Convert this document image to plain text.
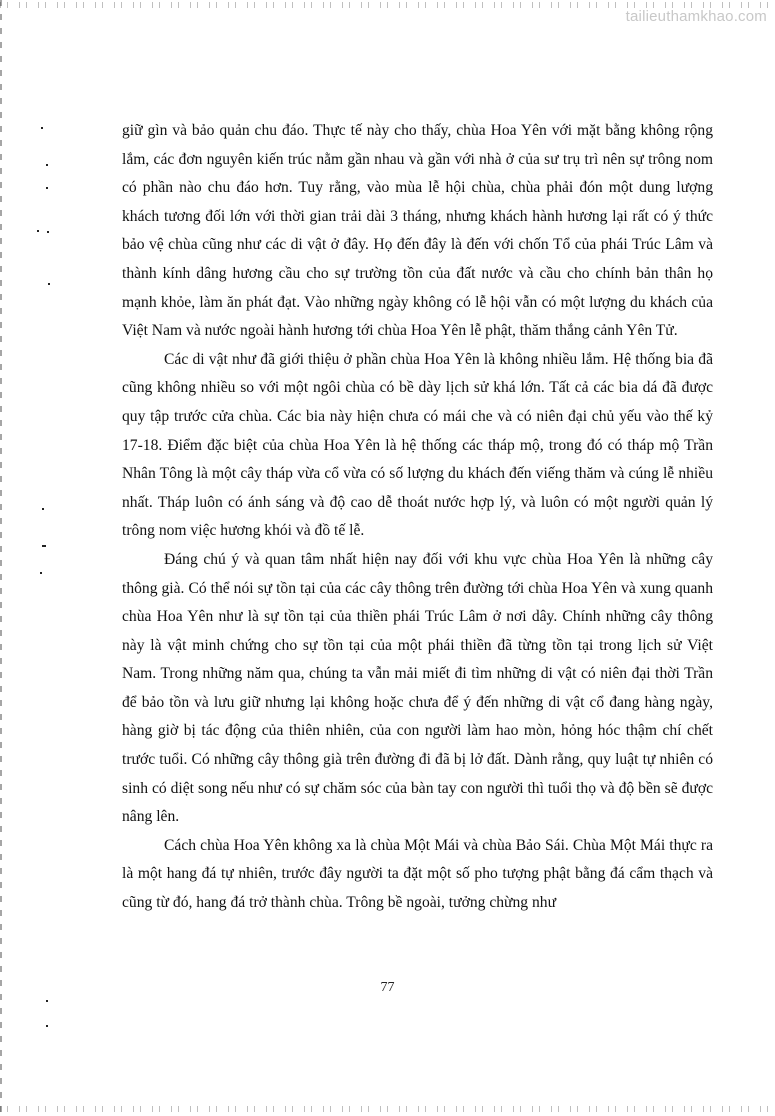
tailieuthamkhao.com

giữ gìn và bảo quản chu đáo. Thực tế này cho thấy, chùa Hoa Yên với mặt bằng không rộng lắm, các đơn nguyên kiến trúc nằm gần nhau và gần với nhà ở của sư trụ trì nên sự trông nom có phần nào chu đáo hơn. Tuy rằng, vào mùa lễ hội chùa, chùa phải đón một dung lượng khách tương đối lớn với thời gian trải dài 3 tháng, nhưng khách hành hương lại rất có ý thức bảo vệ chùa cũng như các di vật ở đây. Họ đến đây là đến với chốn Tổ của phái Trúc Lâm và thành kính dâng hương cầu cho sự trường tồn của đất nước và cầu cho chính bản thân họ mạnh khỏe, làm ăn phát đạt. Vào những ngày không có lễ hội vẫn có một lượng du khách của Việt Nam và nước ngoài hành hương tới chùa Hoa Yên lễ phật, thăm thắng cảnh Yên Tử.

Các di vật như đã giới thiệu ở phần chùa Hoa Yên là không nhiều lắm. Hệ thống bia đã cũng không nhiều so với một ngôi chùa có bề dày lịch sử khá lớn. Tất cả các bia dá đã được quy tập trước cửa chùa. Các bia này hiện chưa có mái che và có niên đại chủ yếu vào thế kỷ 17-18. Điểm đặc biệt của chùa Hoa Yên là hệ thống các tháp mộ, trong đó có tháp mộ Trần Nhân Tông là một cây tháp vừa cổ vừa có số lượng du khách đến viếng thăm và cúng lễ nhiều nhất. Tháp luôn có ánh sáng và độ cao dễ thoát nước hợp lý, và luôn có một người quản lý trông nom việc hương khói và đồ tế lễ.

Đáng chú ý và quan tâm nhất hiện nay đối với khu vực chùa Hoa Yên là những cây thông già. Có thể nói sự tồn tại của các cây thông trên đường tới chùa Hoa Yên và xung quanh chùa Hoa Yên như là sự tồn tại của thiền phái Trúc Lâm ở nơi dây. Chính những cây thông này là vật minh chứng cho sự tồn tại của một phái thiền đã từng tồn tại trong lịch sử Việt Nam. Trong những năm qua, chúng ta vẫn mải miết đi tìm những di vật có niên đại thời Trần để bảo tồn và lưu giữ nhưng lại không hoặc chưa để ý đến những di vật cổ đang hàng ngày, hàng giờ bị tác động của thiên nhiên, của con người làm hao mòn, hỏng hóc thậm chí chết trước tuổi. Có những cây thông già trên đường đi đã bị lở đất. Dành rằng, quy luật tự nhiên có sinh có diệt song nếu như có sự chăm sóc của bàn tay con người thì tuổi thọ và độ bền sẽ được nâng lên.

Cách chùa Hoa Yên không xa là chùa Một Mái và chùa Bảo Sái. Chùa Một Mái thực ra là một hang đá tự nhiên, trước đây người ta đặt một số pho tượng phật bằng đá cẩm thạch và cũng từ đó, hang đá trở thành chùa. Trông bề ngoài, tưởng chừng như

77
